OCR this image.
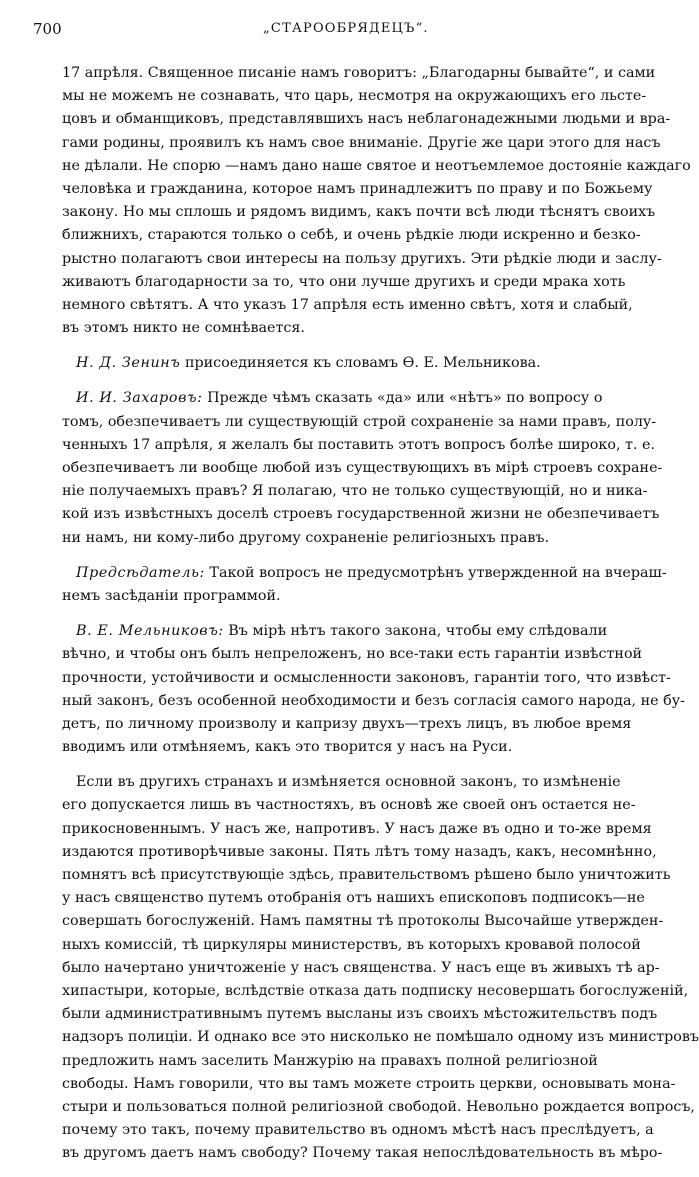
700	„СТАРООБРЯДЕЦЪ“.
17 апрѣля. Священное писаніе намъ говоритъ: „Благодарны бывайте“, и сами
мы не можемъ не сознавать, что царь, несмотря на окружающихъ его льсте-
цовъ и обманщиковъ, представлявшихъ насъ неблагонадежными людьми и вра-
гами родины, проявилъ къ намъ свое вниманіе. Другіе же цари этого для насъ
не дѣлали. Не спорю —намъ дано наше святое и неотъемлемое достояніе каждаго
человѣка и гражданина, которое намъ принадлежитъ по праву и по Божьему
закону. Но мы сплошь и рядомъ видимъ, какъ почти всѣ люди тѣснятъ своихъ
ближнихъ, стараются только о себѣ, и очень рѣдкіе люди искренно и безко-
рыстно полагаютъ свои интересы на пользу другихъ. Эти рѣдкіе люди и заслу-
живаютъ благодарности за то, что они лучше другихъ и среди мрака хоть
немного свѣтятъ. А что указъ 17 апрѣля есть именно свѣтъ, хотя и слабый,
въ этомъ никто не сомнѣвается.
Н. Д. Зенинъ присоединяется къ словамъ Ѳ. Е. Мельникова.
И. И. Захаровъ: Прежде чѣмъ сказать «да» или «нѣтъ» по вопросу о
томъ, обезпечиваетъ ли существующій строй сохраненіе за нами правъ, полу-
ченныхъ 17 апрѣля, я желалъ бы поставить этотъ вопросъ болѣе широко, т. е.
обезпечиваетъ ли вообще любой изъ существующихъ въ мірѣ строевъ сохране-
ніе получаемыхъ правъ? Я полагаю, что не только существующій, но и ника-
кой изъ извѣстныхъ доселѣ строевъ государственной жизни не обезпечиваетъ
ни намъ, ни кому-либо другому сохраненіе религіозныхъ правъ.
Предсѣдатель: Такой вопросъ не предусмотрѣнъ утвержденной на вчераш-
немъ засѣданіи программой.
В. Е. Мельниковъ: Въ мірѣ нѣтъ такого закона, чтобы ему слѣдовали
вѣчно, и чтобы онъ былъ непреложенъ, но все-таки есть гарантіи извѣстной
прочности, устойчивости и осмысленности законовъ, гарантіи того, что извѣст-
ный законъ, безъ особенной необходимости и безъ согласія самого народа, не бу-
детъ, по личному произволу и капризу двухъ—трехъ лицъ, въ любое время
вводимъ или отмѣняемъ, какъ это творится у насъ на Руси.
Если въ другихъ странахъ и измѣняется основной законъ, то измѣненіе
его допускается лишь въ частностяхъ, въ основѣ же своей онъ остается не-
прикосновеннымъ. У насъ же, напротивъ. У насъ даже въ одно и то-же время
издаются противорѣчивые законы. Пять лѣтъ тому назадъ, какъ, несомнѣнно,
помнятъ всѣ присутствующіе здѣсь, правительствомъ рѣшено было уничтожить
у насъ священство путемъ отобранія отъ нашихъ епископовъ подписокъ—не
совершать богослуженій. Намъ памятны тѣ протоколы Высочайше утвержден-
ныхъ комиссій, тѣ циркуляры министерствъ, въ которыхъ кровавой полосой
было начертано уничтоженіе у насъ священства. У насъ еще въ живыхъ тѣ ар-
хипастыри, которые, вслѣдствіе отказа дать подписку несовершать богослуженій,
были административнымъ путемъ высланы изъ своихъ мѣстожительствъ подъ
надзоръ полиціи. И однако все это нисколько не помѣшало одному изъ министровъ
предложить намъ заселить Манжурію на правахъ полной религіозной
свободы. Намъ говорили, что вы тамъ можете строить церкви, основывать мона-
стыри и пользоваться полной религіозной свободой. Невольно рождается вопросъ,
почему это такъ, почему правительство въ одномъ мѣстѣ насъ преслѣдуетъ, а
въ другомъ даетъ намъ свободу? Почему такая непослѣдовательность въ мѣро-
